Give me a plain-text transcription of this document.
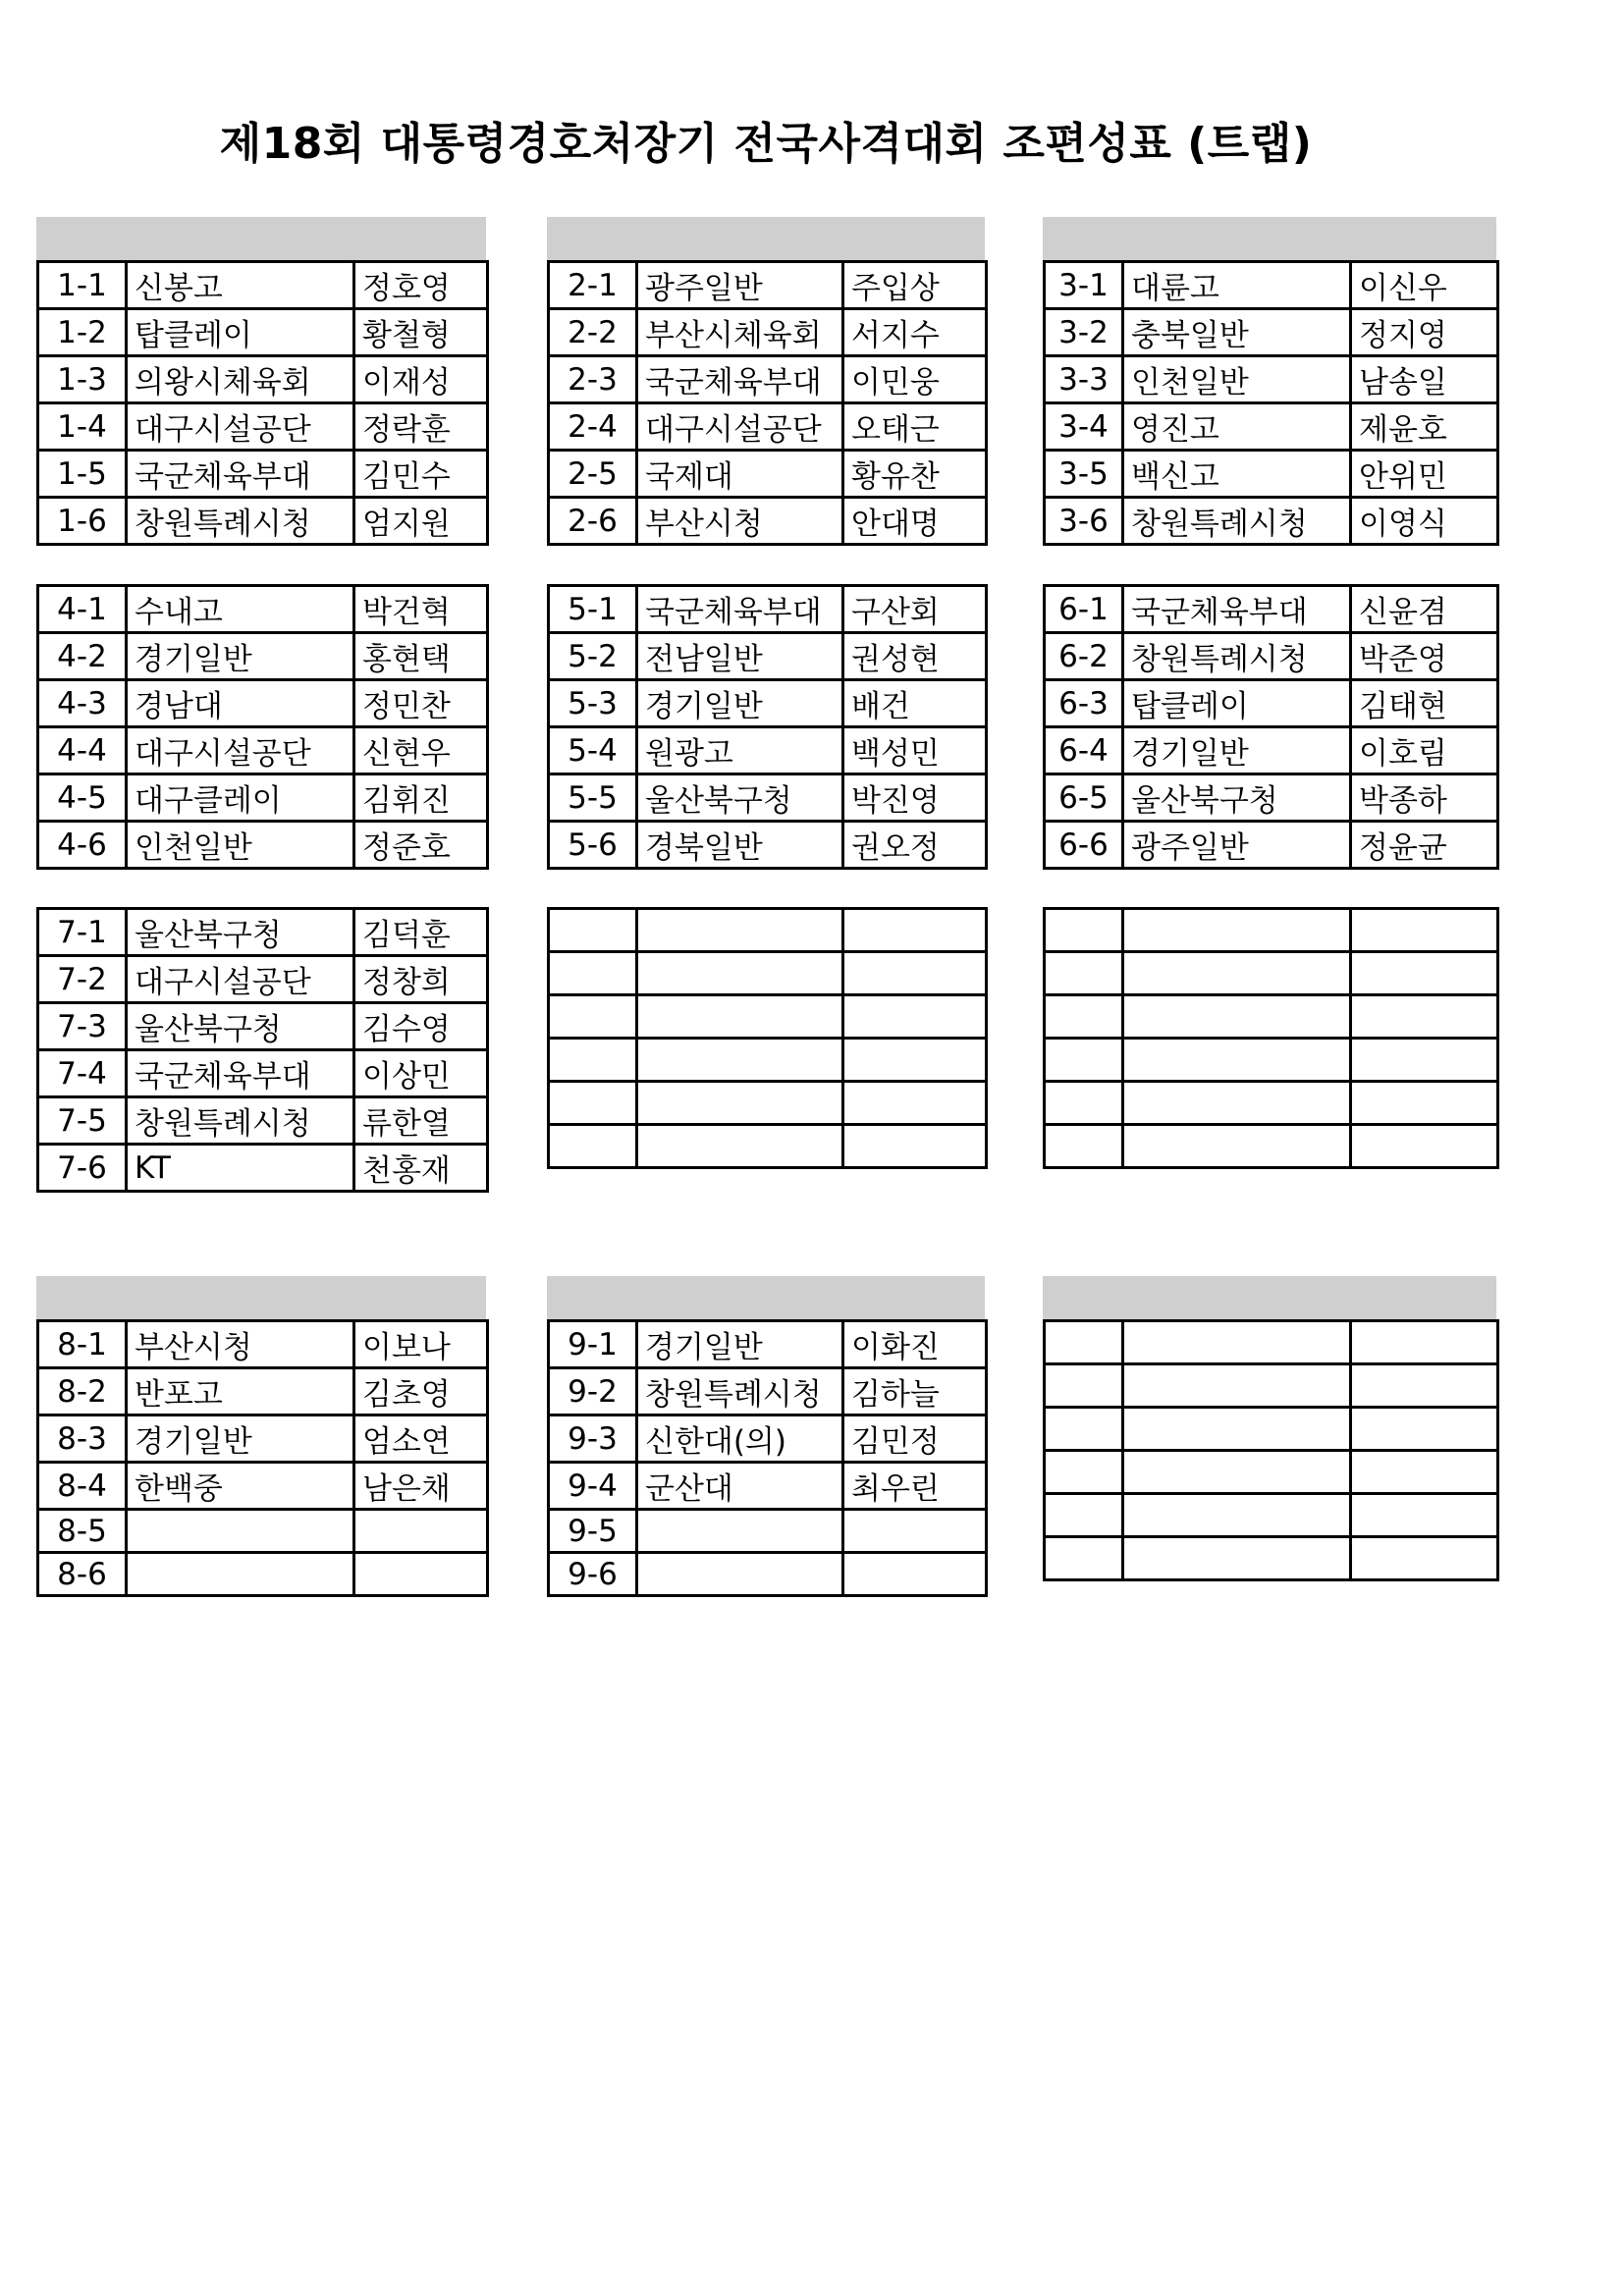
제18회 대통령경호처장기 전국사격대회 조편성표 (트랩)
1-1	신봉고	정호영
1-2	탑클레이	황철형
1-3	의왕시체육회	이재성
1-4	대구시설공단	정락훈
1-5	국군체육부대	김민수
1-6	창원특례시청	엄지원
2-1	광주일반	주입상
2-2	부산시체육회	서지수
2-3	국군체육부대	이민웅
2-4	대구시설공단	오태근
2-5	국제대	황유찬
2-6	부산시청	안대명
3-1	대륜고	이신우
3-2	충북일반	정지영
3-3	인천일반	남송일
3-4	영진고	제윤호
3-5	백신고	안위민
3-6	창원특례시청	이영식
4-1	수내고	박건혁
4-2	경기일반	홍현택
4-3	경남대	정민찬
4-4	대구시설공단	신현우
4-5	대구클레이	김휘진
4-6	인천일반	정준호
5-1	국군체육부대	구산회
5-2	전남일반	권성현
5-3	경기일반	배건
5-4	원광고	백성민
5-5	울산북구청	박진영
5-6	경북일반	권오정
6-1	국군체육부대	신윤겸
6-2	창원특례시청	박준영
6-3	탑클레이	김태현
6-4	경기일반	이호림
6-5	울산북구청	박종하
6-6	광주일반	정윤균
7-1	울산북구청	김덕훈
7-2	대구시설공단	정창희
7-3	울산북구청	김수영
7-4	국군체육부대	이상민
7-5	창원특례시청	류한열
7-6	KT	천홍재

8-1	부산시청	이보나
8-2	반포고	김초영
8-3	경기일반	엄소연
8-4	한백중	남은채
8-5		
8-6		
9-1	경기일반	이화진
9-2	창원특례시청	김하늘
9-3	신한대(의)	김민정
9-4	군산대	최우린
9-5		
9-6		
